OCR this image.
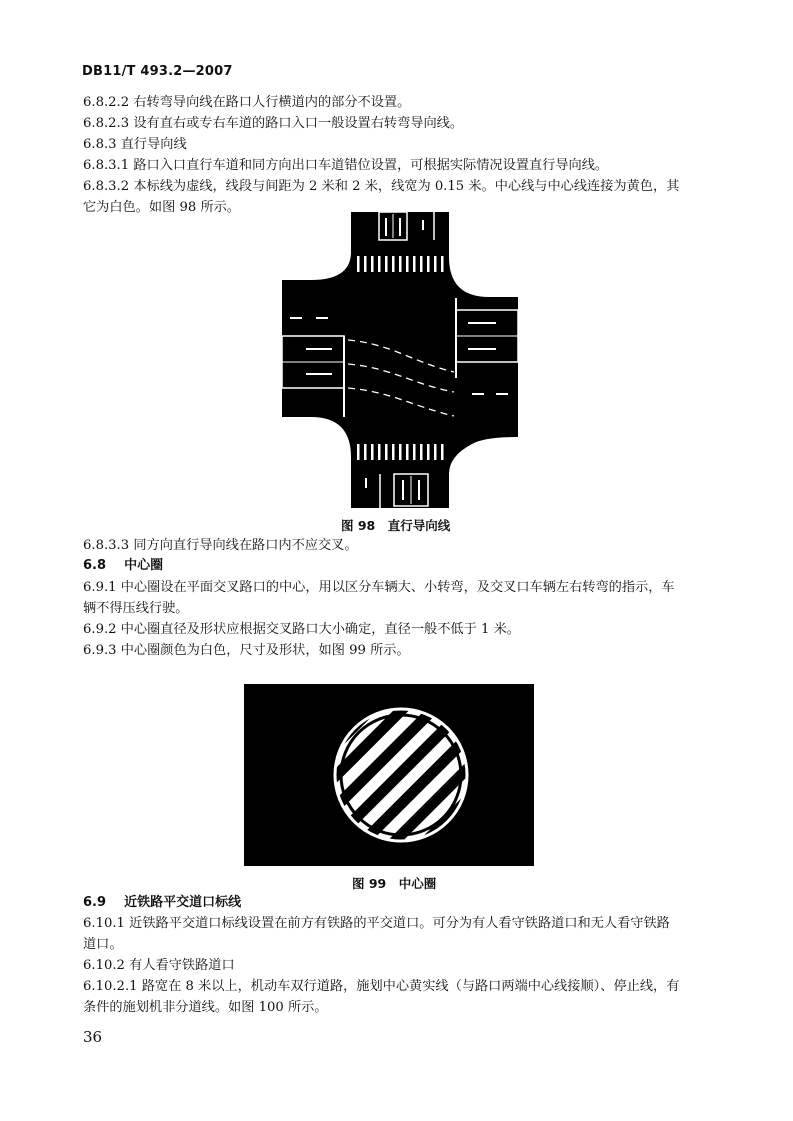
DB11/T 493.2—2007
6.8.2.2 右转弯导向线在路口人行横道内的部分不设置。
6.8.2.3 设有直右或专右车道的路口入口一般设置右转弯导向线。
6.8.3 直行导向线
6.8.3.1 路口入口直行车道和同方向出口车道错位设置，可根据实际情况设置直行导向线。
6.8.3.2 本标线为虚线，线段与间距为 2 米和 2 米，线宽为 0.15 米。中心线与中心线连接为黄色，其
它为白色。如图 98 所示。
图 98　直行导向线
6.8.3.3 同方向直行导向线在路口内不应交叉。
6.8 中心圈
6.9.1 中心圈设在平面交叉路口的中心，用以区分车辆大、小转弯，及交叉口车辆左右转弯的指示，车
辆不得压线行驶。
6.9.2 中心圈直径及形状应根据交叉路口大小确定，直径一般不低于 1 米。
6.9.3 中心圈颜色为白色，尺寸及形状，如图 99 所示。
图 99　中心圈
6.9 近铁路平交道口标线
6.10.1 近铁路平交道口标线设置在前方有铁路的平交道口。可分为有人看守铁路道口和无人看守铁路
道口。
6.10.2 有人看守铁路道口
6.10.2.1 路宽在 8 米以上，机动车双行道路，施划中心黄实线（与路口两端中心线接顺）、停止线，有
条件的施划机非分道线。如图 100 所示。
36
